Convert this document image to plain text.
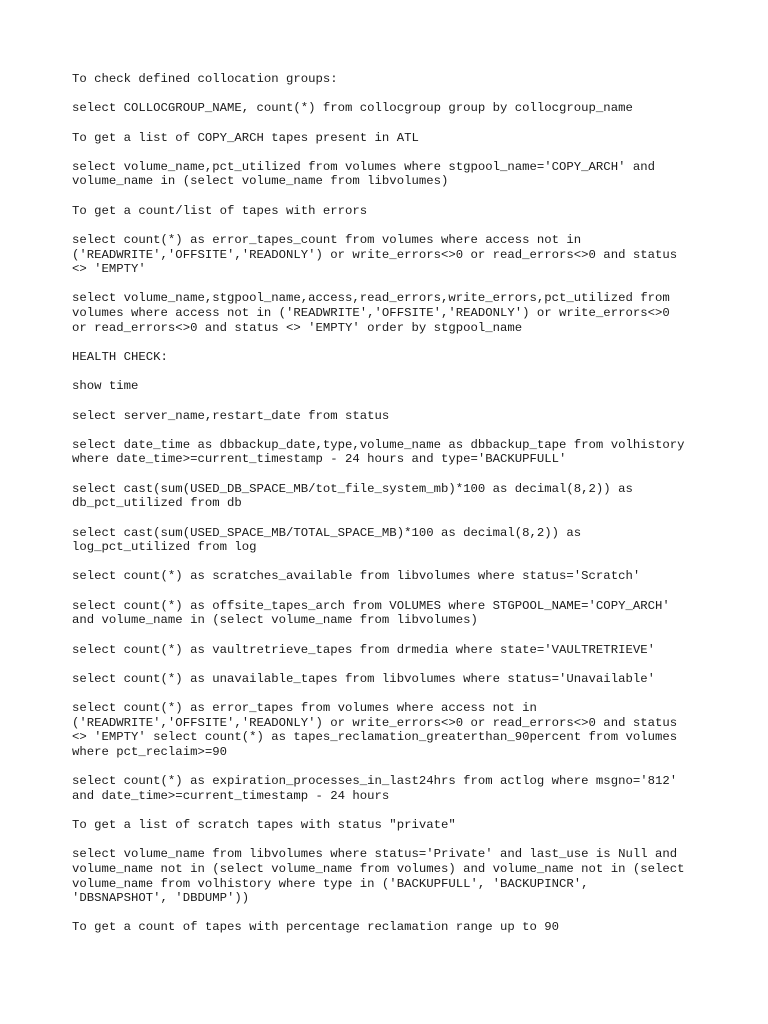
To check defined collocation groups:

select COLLOCGROUP_NAME, count(*) from collocgroup group by collocgroup_name

To get a list of COPY_ARCH tapes present in ATL

select volume_name,pct_utilized from volumes where stgpool_name='COPY_ARCH' and
volume_name in (select volume_name from libvolumes)

To get a count/list of tapes with errors

select count(*) as error_tapes_count from volumes where access not in
('READWRITE','OFFSITE','READONLY') or write_errors<>0 or read_errors<>0 and status
<> 'EMPTY'

select volume_name,stgpool_name,access,read_errors,write_errors,pct_utilized from
volumes where access not in ('READWRITE','OFFSITE','READONLY') or write_errors<>0
or read_errors<>0 and status <> 'EMPTY' order by stgpool_name

HEALTH CHECK:

show time

select server_name,restart_date from status

select date_time as dbbackup_date,type,volume_name as dbbackup_tape from volhistory
where date_time>=current_timestamp - 24 hours and type='BACKUPFULL'

select cast(sum(USED_DB_SPACE_MB/tot_file_system_mb)*100 as decimal(8,2)) as
db_pct_utilized from db

select cast(sum(USED_SPACE_MB/TOTAL_SPACE_MB)*100 as decimal(8,2)) as
log_pct_utilized from log

select count(*) as scratches_available from libvolumes where status='Scratch'

select count(*) as offsite_tapes_arch from VOLUMES where STGPOOL_NAME='COPY_ARCH'
and volume_name in (select volume_name from libvolumes)

select count(*) as vaultretrieve_tapes from drmedia where state='VAULTRETRIEVE'

select count(*) as unavailable_tapes from libvolumes where status='Unavailable'

select count(*) as error_tapes from volumes where access not in
('READWRITE','OFFSITE','READONLY') or write_errors<>0 or read_errors<>0 and status
<> 'EMPTY' select count(*) as tapes_reclamation_greaterthan_90percent from volumes
where pct_reclaim>=90

select count(*) as expiration_processes_in_last24hrs from actlog where msgno='812'
and date_time>=current_timestamp - 24 hours

To get a list of scratch tapes with status "private"

select volume_name from libvolumes where status='Private' and last_use is Null and
volume_name not in (select volume_name from volumes) and volume_name not in (select
volume_name from volhistory where type in ('BACKUPFULL', 'BACKUPINCR',
'DBSNAPSHOT', 'DBDUMP'))

To get a count of tapes with percentage reclamation range up to 90
